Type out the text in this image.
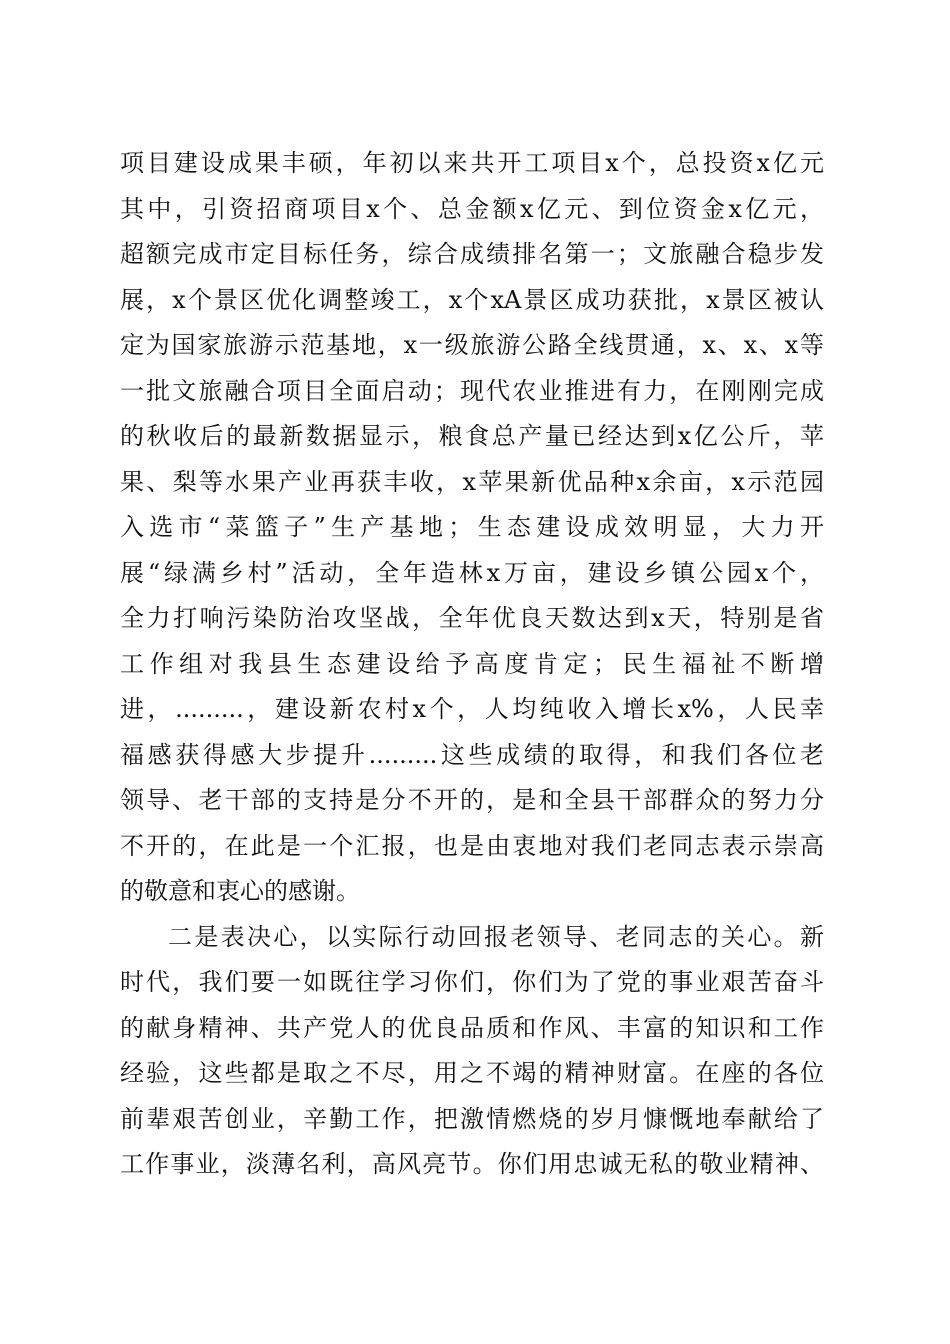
项目建设成果丰硕，年初以来共开工项目x个，总投资x亿元
其中，引资招商项目x个、总金额x亿元、到位资金x亿元，
超额完成市定目标任务，综合成绩排名第一；文旅融合稳步发
展，x个景区优化调整竣工，x个xA景区成功获批，x景区被认
定为国家旅游示范基地，x一级旅游公路全线贯通，x、x、x等
一批文旅融合项目全面启动；现代农业推进有力，在刚刚完成
的秋收后的最新数据显示，粮食总产量已经达到x亿公斤，苹
果、梨等水果产业再获丰收，x苹果新优品种x余亩，x示范园
入选市“菜篮子”生产基地；生态建设成效明显，大力开
展“绿满乡村”活动，全年造林x万亩，建设乡镇公园x个，
全力打响污染防治攻坚战，全年优良天数达到x天，特别是省
工作组对我县生态建设给予高度肯定；民生福祉不断增
进，.........，建设新农村x个，人均纯收入增长x%，人民幸
福感获得感大步提升.........这些成绩的取得，和我们各位老
领导、老干部的支持是分不开的，是和全县干部群众的努力分
不开的，在此是一个汇报，也是由衷地对我们老同志表示崇高
的敬意和衷心的感谢。
二是表决心，以实际行动回报老领导、老同志的关心。新
时代，我们要一如既往学习你们，你们为了党的事业艰苦奋斗
的献身精神、共产党人的优良品质和作风、丰富的知识和工作
经验，这些都是取之不尽，用之不竭的精神财富。在座的各位
前辈艰苦创业，辛勤工作，把激情燃烧的岁月慷慨地奉献给了
工作事业，淡薄名利，高风亮节。你们用忠诚无私的敬业精神、
